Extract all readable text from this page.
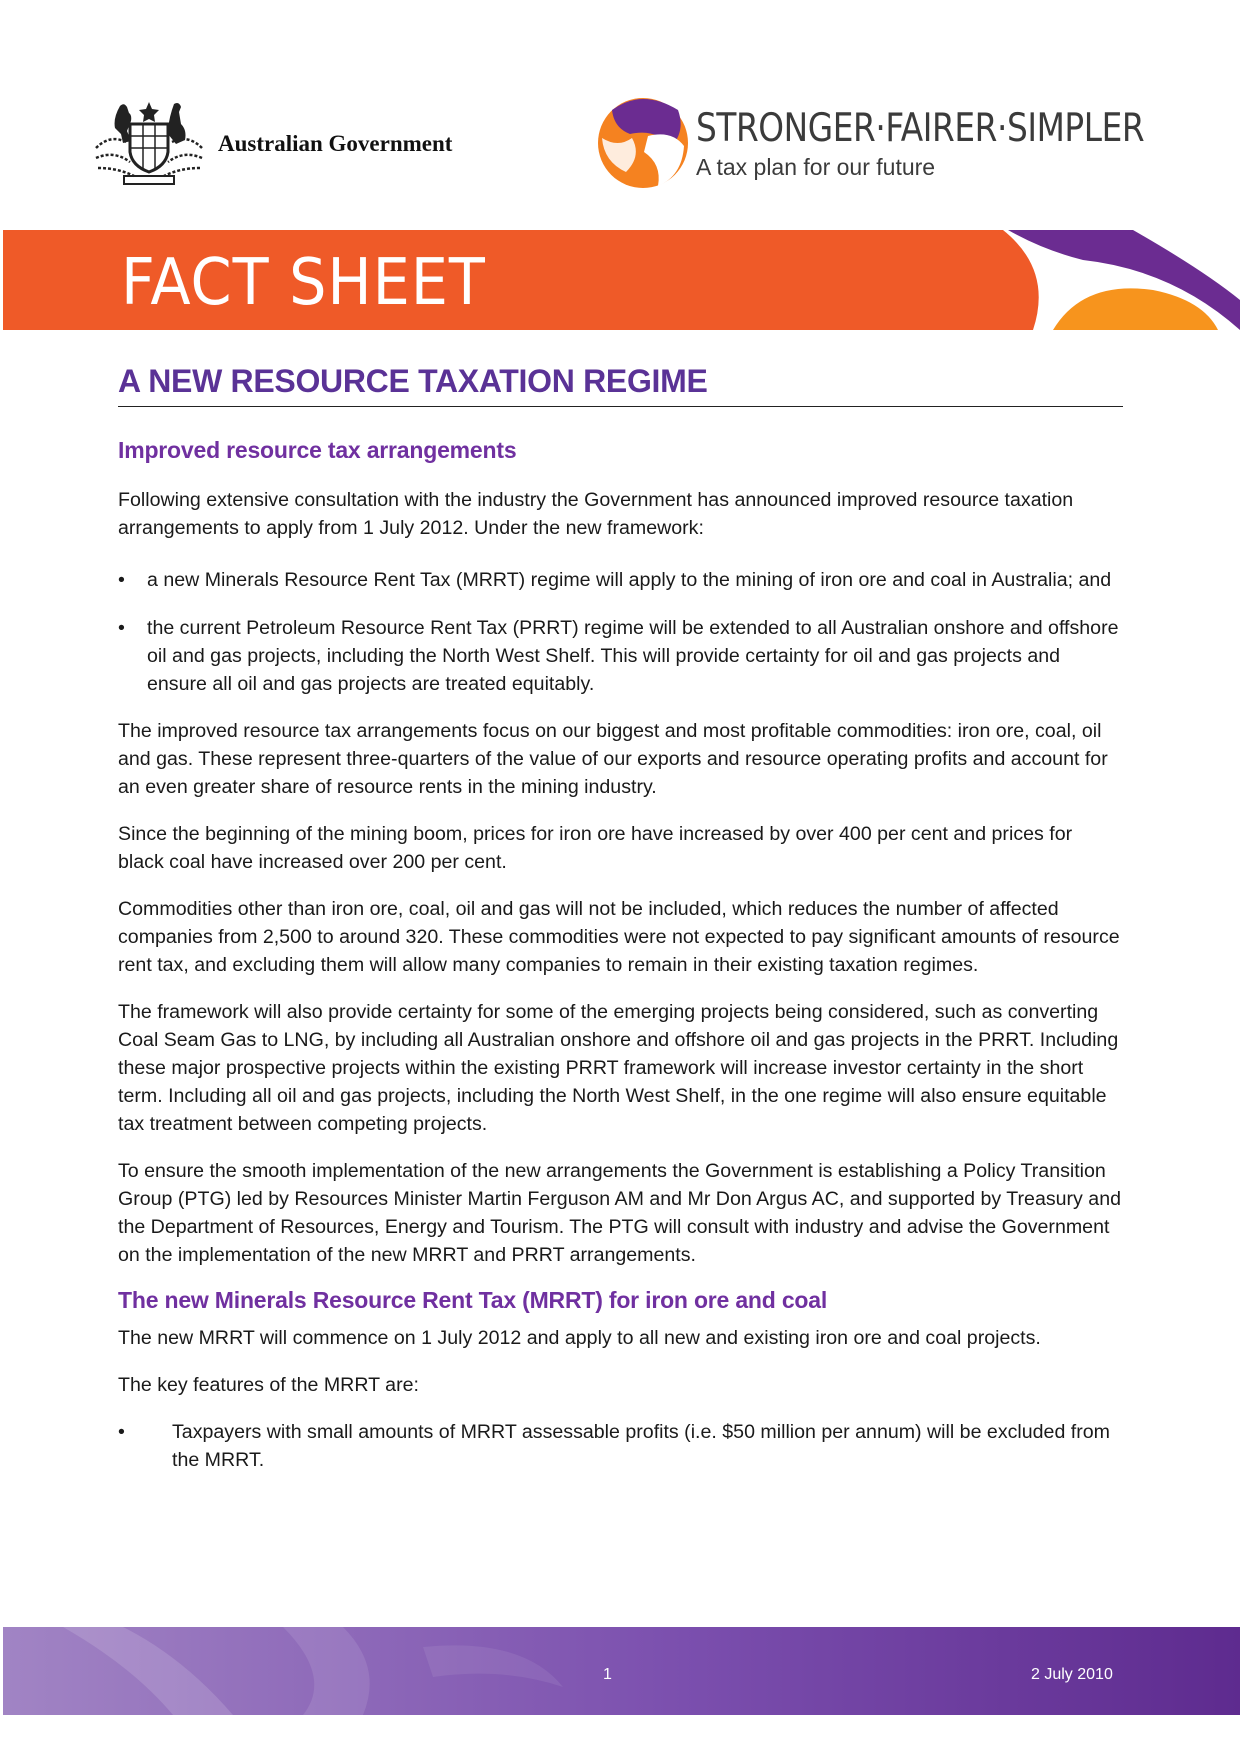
Australian Government	STRONGER·FAIRER·SIMPLER
A tax plan for our future
FACT SHEET
A NEW RESOURCE TAXATION REGIME
Improved resource tax arrangements

Following extensive consultation with the industry the Government has announced improved resource taxation arrangements to apply from 1 July 2012. Under the new framework:

• a new Minerals Resource Rent Tax (MRRT) regime will apply to the mining of iron ore and coal in Australia; and
• the current Petroleum Resource Rent Tax (PRRT) regime will be extended to all Australian onshore and offshore oil and gas projects, including the North West Shelf. This will provide certainty for oil and gas projects and ensure all oil and gas projects are treated equitably.

The improved resource tax arrangements focus on our biggest and most profitable commodities: iron ore, coal, oil and gas. These represent three-quarters of the value of our exports and resource operating profits and account for an even greater share of resource rents in the mining industry.

Since the beginning of the mining boom, prices for iron ore have increased by over 400 per cent and prices for black coal have increased over 200 per cent.

Commodities other than iron ore, coal, oil and gas will not be included, which reduces the number of affected companies from 2,500 to around 320. These commodities were not expected to pay significant amounts of resource rent tax, and excluding them will allow many companies to remain in their existing taxation regimes.

The framework will also provide certainty for some of the emerging projects being considered, such as converting Coal Seam Gas to LNG, by including all Australian onshore and offshore oil and gas projects in the PRRT. Including these major prospective projects within the existing PRRT framework will increase investor certainty in the short term. Including all oil and gas projects, including the North West Shelf, in the one regime will also ensure equitable tax treatment between competing projects.

To ensure the smooth implementation of the new arrangements the Government is establishing a Policy Transition Group (PTG) led by Resources Minister Martin Ferguson AM and Mr Don Argus AC, and supported by Treasury and the Department of Resources, Energy and Tourism. The PTG will consult with industry and advise the Government on the implementation of the new MRRT and PRRT arrangements.

The new Minerals Resource Rent Tax (MRRT) for iron ore and coal

The new MRRT will commence on 1 July 2012 and apply to all new and existing iron ore and coal projects.

The key features of the MRRT are:

• Taxpayers with small amounts of MRRT assessable profits (i.e. $50 million per annum) will be excluded from the MRRT.
1	2 July 2010
